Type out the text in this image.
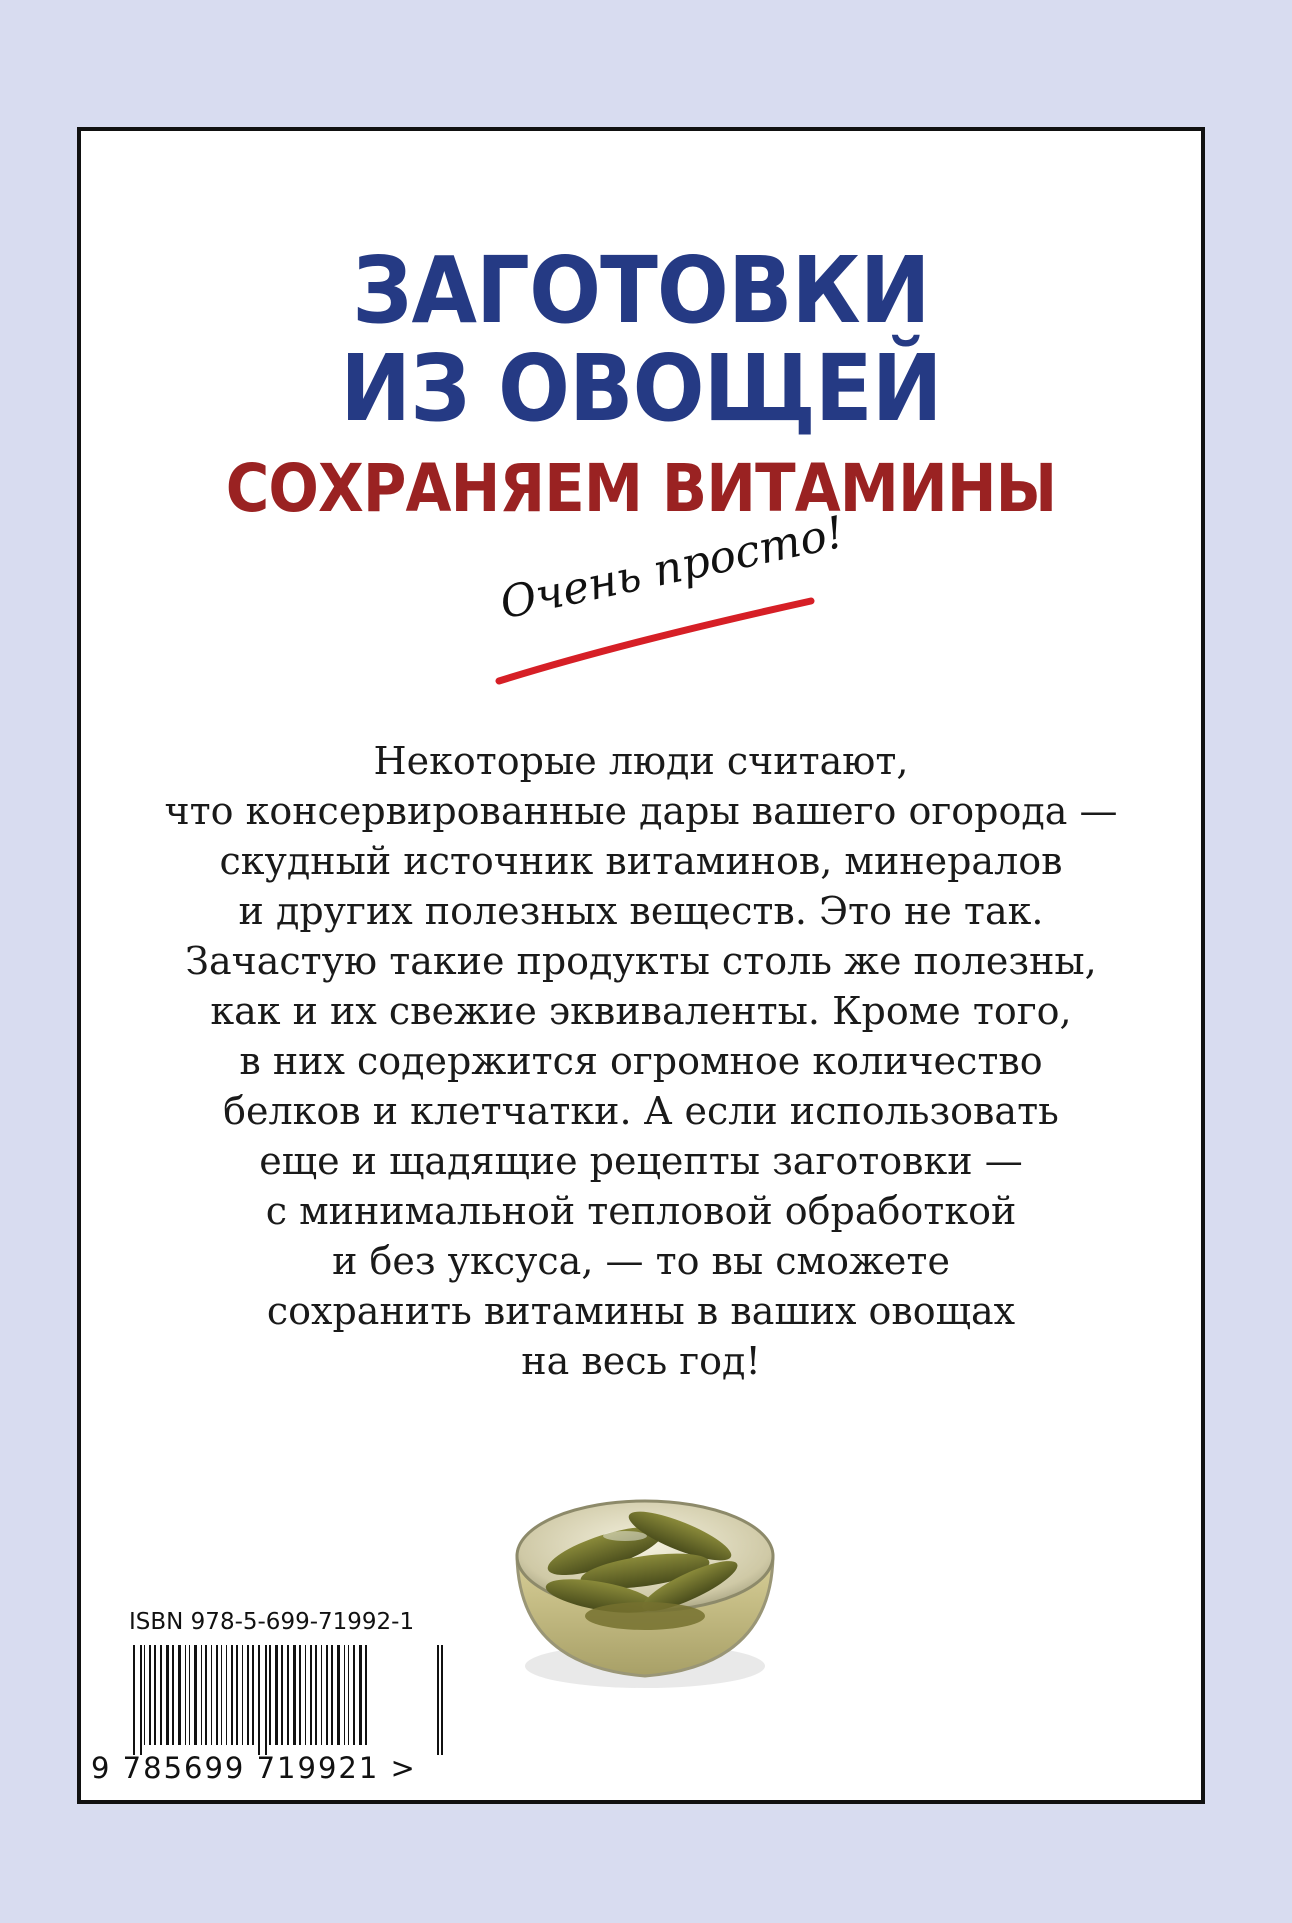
ЗАГОТОВКИ
ИЗ ОВОЩЕЙ
СОХРАНЯЕМ ВИТАМИНЫ
Очень просто!
Некоторые люди считают,
что консервированные дары вашего огорода —
скудный источник витаминов, минералов
и других полезных веществ. Это не так.
Зачастую такие продукты столь же полезны,
как и их свежие эквиваленты. Кроме того,
в них содержится огромное количество
белков и клетчатки. А если использовать
еще и щадящие рецепты заготовки —
с минимальной тепловой обработкой
и без уксуса, — то вы сможете
сохранить витамины в ваших овощах
на весь год!
ISBN 978-5-699-71992-1
9 785699 719921 >
